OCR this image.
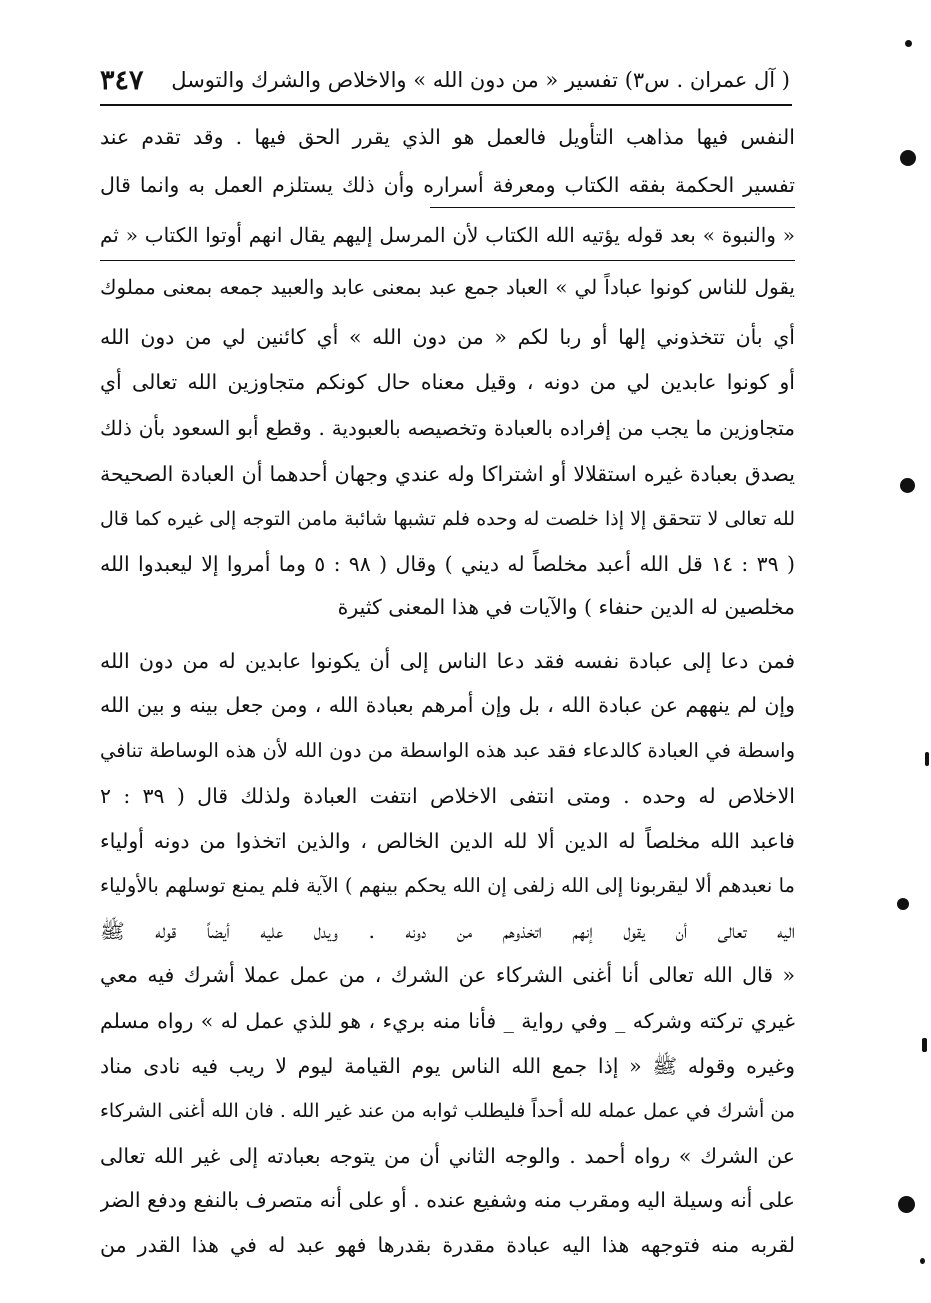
( آل عمران . س٣) تفسير « من دون الله » والاخلاص والشرك والتوسل
٣٤٧
النفس فيها مذاهب التأويل فالعمل هو الذي يقرر الحق فيها . وقد تقدم عند
تفسير الحكمة بفقه الكتاب ومعرفة أسراره وأن ذلك يستلزم العمل به وانما قال
« والنبوة » بعد قوله يؤتيه الله الكتاب لأن المرسل إليهم يقال انهم أوتوا الكتاب « ثم
يقول للناس كونوا عباداً لي » العباد جمع عبد بمعنى عابد والعبيد جمعه بمعنى مملوك
أي بأن تتخذوني إلها أو ربا لكم « من دون الله » أي كائنين لي من دون الله
أو كونوا عابدين لي من دونه ، وقيل معناه حال كونكم متجاوزين الله تعالى أي
متجاوزين ما يجب من إفراده بالعبادة وتخصيصه بالعبودية . وقطع أبو السعود بأن ذلك
يصدق بعبادة غيره استقلالا أو اشتراكا وله عندي وجهان أحدهما أن العبادة الصحيحة
لله تعالى لا تتحقق إلا إذا خلصت له وحده فلم تشبها شائبة مامن التوجه إلى غيره كما قال
( ٣٩ : ١٤ قل الله أعبد مخلصاً له ديني ) وقال ( ٩٨ : ٥ وما أمروا إلا ليعبدوا الله
مخلصين له الدين حنفاء ) والآيات في هذا المعنى كثيرة
فمن دعا إلى عبادة نفسه فقد دعا الناس إلى أن يكونوا عابدين له من دون الله
وإن لم ينههم عن عبادة الله ، بل وإن أمرهم بعبادة الله ، ومن جعل بينه و بين الله
واسطة في العبادة كالدعاء فقد عبد هذه الواسطة من دون الله لأن هذه الوساطة تنافي
الاخلاص له وحده . ومتى انتفى الاخلاص انتفت العبادة ولذلك قال ( ٣٩ : ٢
فاعبد الله مخلصاً له الدين ألا لله الدين الخالص ، والذين اتخذوا من دونه أولياء
ما نعبدهم ألا ليقربونا إلى الله زلفى إن الله يحكم بينهم ) الآية فلم يمنع توسلهم بالأولياء
اليه تعالى أن يقول إنهم اتخذوهم من دونه . ويدل عليه أيضاً قوله ﷺ
« قال الله تعالى أنا أغنى الشركاء عن الشرك ، من عمل عملا أشرك فيه معي
غيري تركته وشركه _ وفي رواية _ فأنا منه بريء ، هو للذي عمل له » رواه مسلم
وغيره وقوله ﷺ « إذا جمع الله الناس يوم القيامة ليوم لا ريب فيه نادى مناد
من أشرك في عمل عمله لله أحداً فليطلب ثوابه من عند غير الله . فان الله أغنى الشركاء
عن الشرك » رواه أحمد . والوجه الثاني أن من يتوجه بعبادته إلى غير الله تعالى
على أنه وسيلة اليه ومقرب منه وشفيع عنده . أو على أنه متصرف بالنفع ودفع الضر
لقربه منه فتوجهه هذا اليه عبادة مقدرة بقدرها فهو عبد له في هذا القدر من
